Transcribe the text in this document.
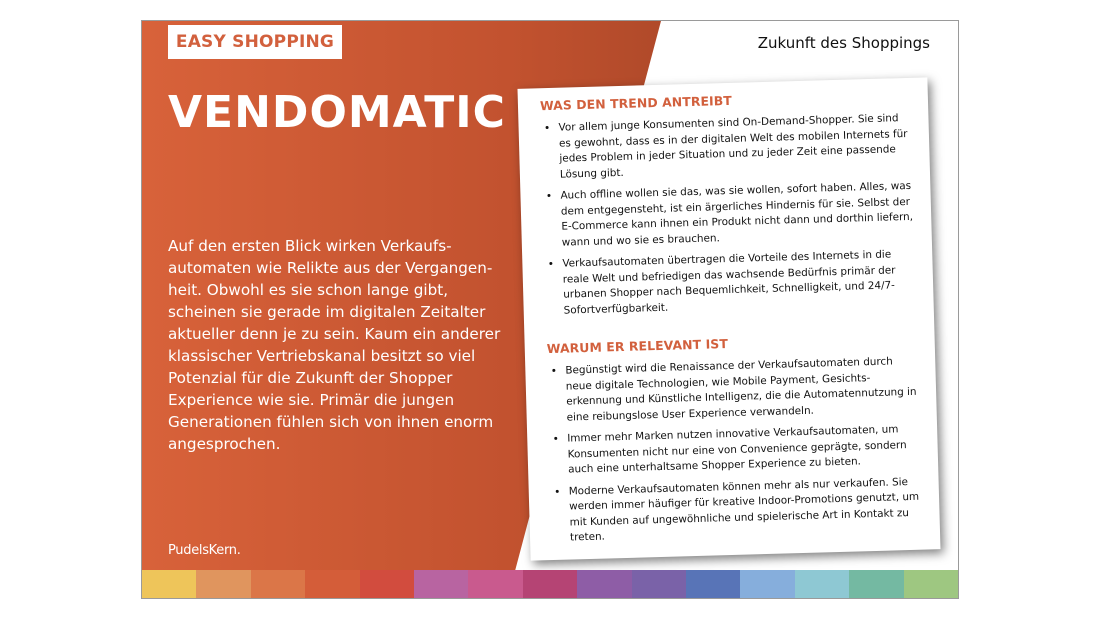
EASY SHOPPING
VENDOMATIC

Auf den ersten Blick wirken Verkaufsautomaten wie Relikte aus der Vergangenheit. Obwohl es sie schon lange gibt, scheinen sie gerade im digitalen Zeitalter aktueller denn je zu sein. Kaum ein anderer klassischer Vertriebskanal besitzt so viel Potenzial für die Zukunft der Shopper Experience wie sie. Primär die jungen Generationen fühlen sich von ihnen enorm angesprochen.

PudelsKern.
Zukunft des Shoppings
WAS DEN TREND ANTREIBT
• Vor allem junge Konsumenten sind On-Demand-Shopper. Sie sind es gewohnt, dass es in der digitalen Welt des mobilen Internets für jedes Problem in jeder Situation und zu jeder Zeit eine passende Lösung gibt.
• Auch offline wollen sie das, was sie wollen, sofort haben. Alles, was dem entgegensteht, ist ein ärgerliches Hindernis für sie. Selbst der E-Commerce kann ihnen ein Produkt nicht dann und dorthin liefern, wann und wo sie es brauchen.
• Verkaufsautomaten übertragen die Vorteile des Internets in die reale Welt und befriedigen das wachsende Bedürfnis primär der urbanen Shopper nach Bequemlichkeit, Schnelligkeit, und 24/7-Sofortverfügbarkeit.
WARUM ER RELEVANT IST
• Begünstigt wird die Renaissance der Verkaufsautomaten durch neue digitale Technologien, wie Mobile Payment, Gesichtserkennung und Künstliche Intelligenz, die die Automatennutzung in eine reibungslose User Experience verwandeln.
• Immer mehr Marken nutzen innovative Verkaufsautomaten, um Konsumenten nicht nur eine von Convenience geprägte, sondern auch eine unterhaltsame Shopper Experience zu bieten.
• Moderne Verkaufsautomaten können mehr als nur verkaufen. Sie werden immer häufiger für kreative Indoor-Promotions genutzt, um mit Kunden auf ungewöhnliche und spielerische Art in Kontakt zu treten.
